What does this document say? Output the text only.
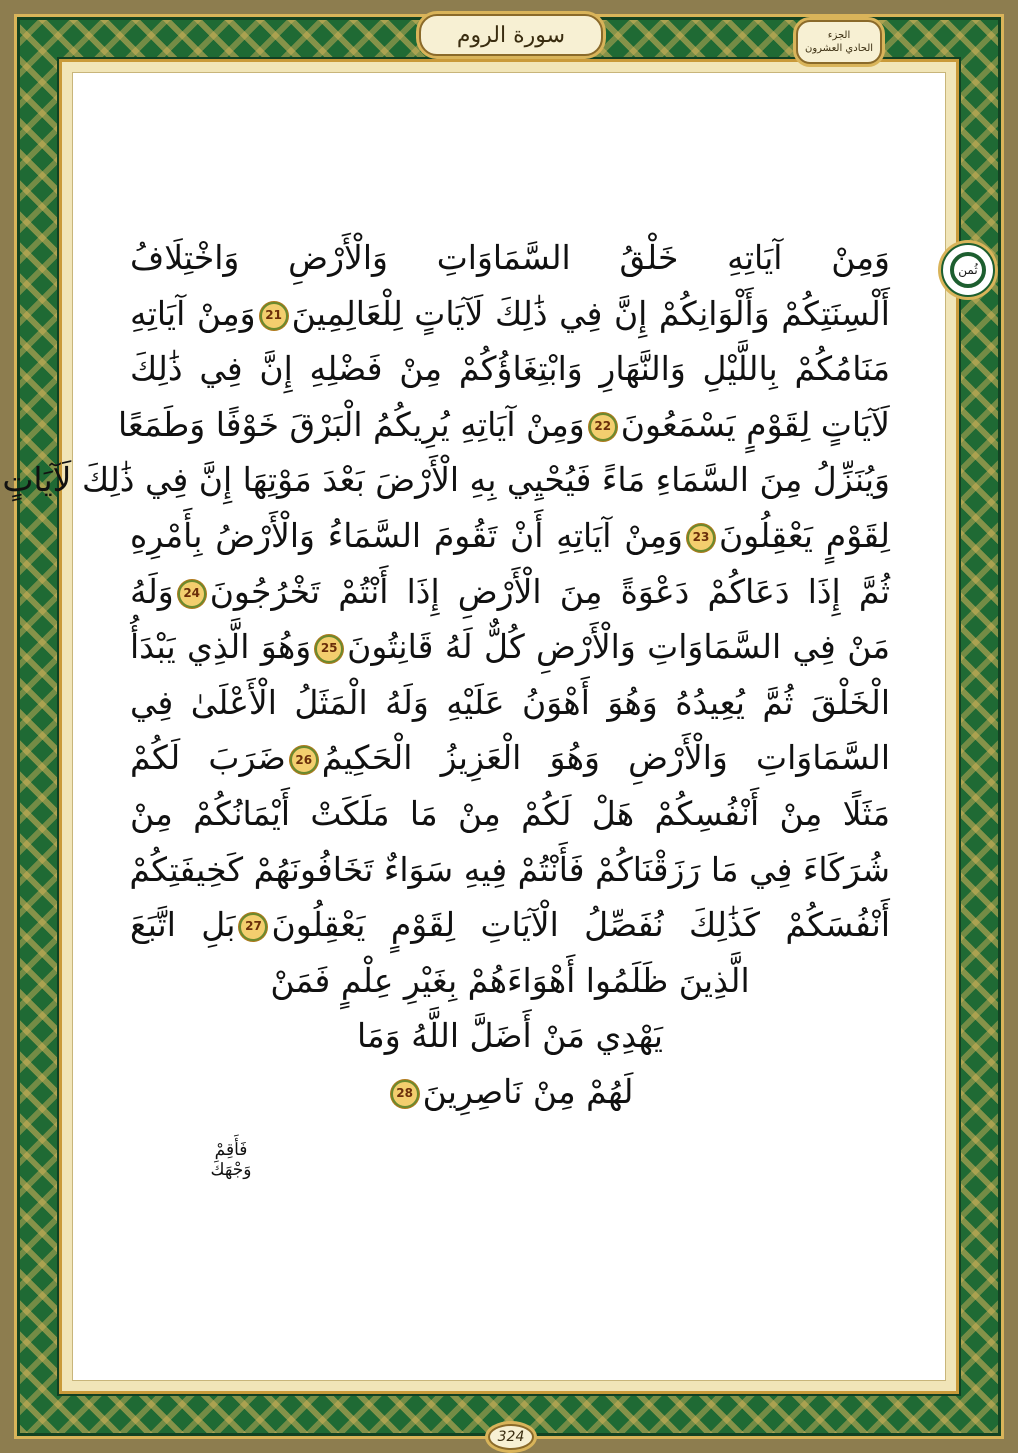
سورة الروم	الجزء
الحادي العشرون
ثُمن
وَمِنْ آيَاتِهِ خَلْقُ السَّمَاوَاتِ وَالْأَرْضِ وَاخْتِلَافُ
أَلْسِنَتِكُمْ وَأَلْوَانِكُمْ إِنَّ فِي ذَٰلِكَ لَآيَاتٍ لِلْعَالِمِينَ21وَمِنْ آيَاتِهِ
مَنَامُكُمْ بِاللَّيْلِ وَالنَّهَارِ وَابْتِغَاؤُكُمْ مِنْ فَضْلِهِ إِنَّ فِي ذَٰلِكَ
لَآيَاتٍ لِقَوْمٍ يَسْمَعُونَ22وَمِنْ آيَاتِهِ يُرِيكُمُ الْبَرْقَ خَوْفًا وَطَمَعًا
وَيُنَزِّلُ مِنَ السَّمَاءِ مَاءً فَيُحْيِي بِهِ الْأَرْضَ بَعْدَ مَوْتِهَا إِنَّ فِي ذَٰلِكَ لَآيَاتٍ
لِقَوْمٍ يَعْقِلُونَ23وَمِنْ آيَاتِهِ أَنْ تَقُومَ السَّمَاءُ وَالْأَرْضُ بِأَمْرِهِ
ثُمَّ إِذَا دَعَاكُمْ دَعْوَةً مِنَ الْأَرْضِ إِذَا أَنْتُمْ تَخْرُجُونَ24وَلَهُ
مَنْ فِي السَّمَاوَاتِ وَالْأَرْضِ كُلٌّ لَهُ قَانِتُونَ25وَهُوَ الَّذِي يَبْدَأُ
الْخَلْقَ ثُمَّ يُعِيدُهُ وَهُوَ أَهْوَنُ عَلَيْهِ وَلَهُ الْمَثَلُ الْأَعْلَىٰ فِي
السَّمَاوَاتِ وَالْأَرْضِ وَهُوَ الْعَزِيزُ الْحَكِيمُ26ضَرَبَ لَكُمْ
مَثَلًا مِنْ أَنْفُسِكُمْ هَلْ لَكُمْ مِنْ مَا مَلَكَتْ أَيْمَانُكُمْ مِنْ
شُرَكَاءَ فِي مَا رَزَقْنَاكُمْ فَأَنْتُمْ فِيهِ سَوَاءٌ تَخَافُونَهُمْ كَخِيفَتِكُمْ
أَنْفُسَكُمْ كَذَٰلِكَ نُفَصِّلُ الْآيَاتِ لِقَوْمٍ يَعْقِلُونَ27بَلِ اتَّبَعَ
الَّذِينَ ظَلَمُوا أَهْوَاءَهُمْ بِغَيْرِ عِلْمٍ فَمَنْ
يَهْدِي مَنْ أَضَلَّ اللَّهُ وَمَا
لَهُمْ مِنْ نَاصِرِينَ28
فَأَقِمْ وَجْهَكَ
324
